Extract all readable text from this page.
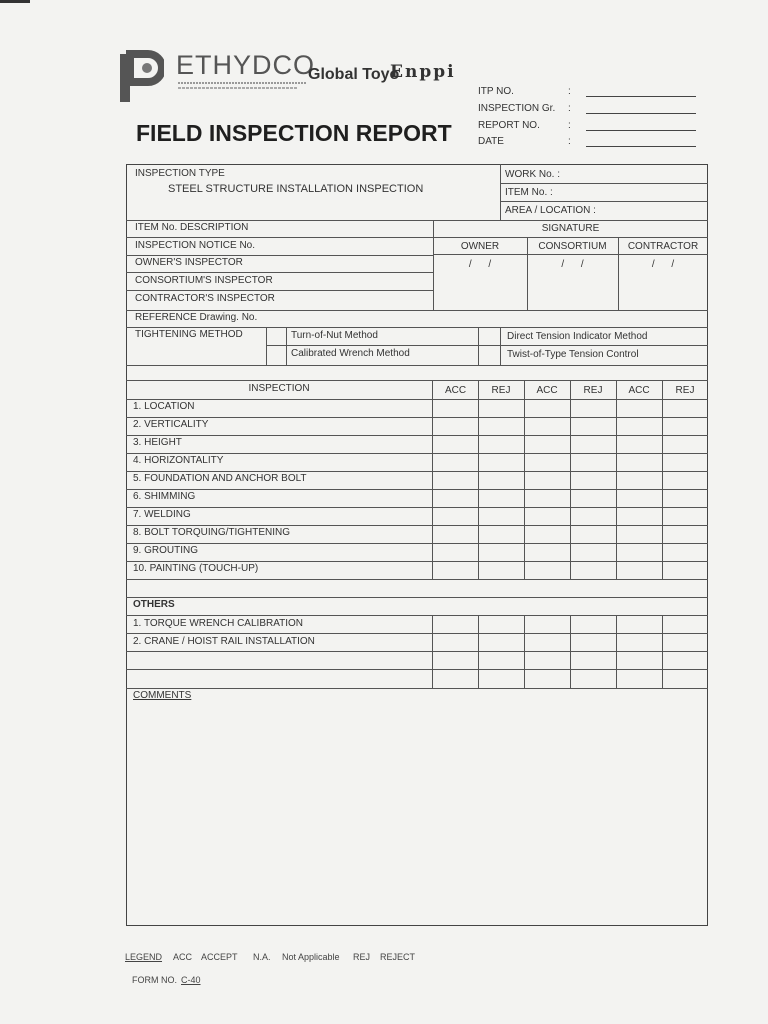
ETHYDCO
Global Toyo
Enppi
FIELD INSPECTION REPORT
ITP NO.	:
INSPECTION Gr. :
REPORT NO.	:
DATE	:
INSPECTION TYPE
STEEL STRUCTURE INSTALLATION INSPECTION
WORK No. :
ITEM No. :
AREA / LOCATION :
ITEM No. DESCRIPTION
INSPECTION NOTICE No.
OWNER'S INSPECTOR
CONSORTIUM'S INSPECTOR
CONTRACTOR'S INSPECTOR
SIGNATURE
OWNER	CONSORTIUM	CONTRACTOR
/      /	/      /	/      /
REFERENCE Drawing. No.
TIGHTENING METHOD	Turn-of-Nut Method	Direct Tension Indicator Method
Calibrated Wrench Method	Twist-of-Type Tension Control
INSPECTION	ACC	REJ	ACC	REJ	ACC	REJ
1. LOCATION
2. VERTICALITY
3. HEIGHT
4. HORIZONTALITY
5. FOUNDATION AND ANCHOR BOLT
6. SHIMMING
7. WELDING
8. BOLT TORQUING/TIGHTENING
9. GROUTING
10. PAINTING (TOUCH-UP)
OTHERS
1. TORQUE WRENCH CALIBRATION
2. CRANE / HOIST RAIL INSTALLATION
COMMENTS
LEGEND ACC ACCEPT N.A. Not Applicable REJ REJECT
FORM NO. C-40
